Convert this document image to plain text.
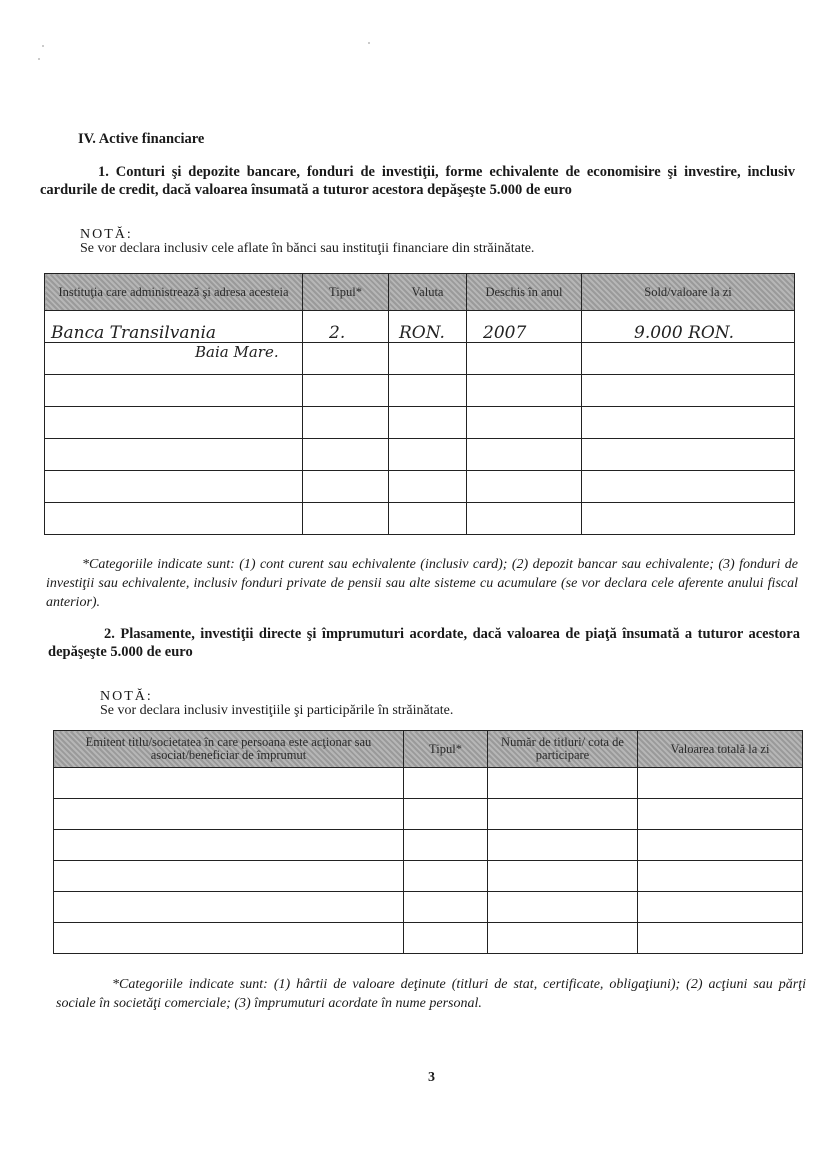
IV. Active financiare
1. Conturi şi depozite bancare, fonduri de investiţii, forme echivalente de economisire şi investire, inclusiv cardurile de credit, dacă valoarea însumată a tuturor acestora depăşeşte 5.000 de euro
NOTĂ:
Se vor declara inclusiv cele aflate în bănci sau instituţii financiare din străinătate.
Instituţia care administrează şi adresa acesteia	Tipul*	Valuta	Deschis în anul	Sold/valoare la zi
Banca Transilvania	2.	RON.	2007	9.000 RON.
Baia Mare.				

*Categoriile indicate sunt: (1) cont curent sau echivalente (inclusiv card); (2) depozit bancar sau echivalente; (3) fonduri de investiţii sau echivalente, inclusiv fonduri private de pensii sau alte sisteme cu acumulare (se vor declara cele aferente anului fiscal anterior).
2. Plasamente, investiţii directe şi împrumuturi acordate, dacă valoarea de piaţă însumată a tuturor acestora depăşeşte 5.000 de euro
NOTĂ:
Se vor declara inclusiv investiţiile şi participările în străinătate.
Emitent titlu/societatea în care persoana este acţionar sau asociat/beneficiar de împrumut	Tipul*	Număr de titluri/ cota de participare	Valoarea totală la zi

*Categoriile indicate sunt: (1) hârtii de valoare deţinute (titluri de stat, certificate, obligaţiuni); (2) acţiuni sau părţi sociale în societăţi comerciale; (3) împrumuturi acordate în nume personal.
3
